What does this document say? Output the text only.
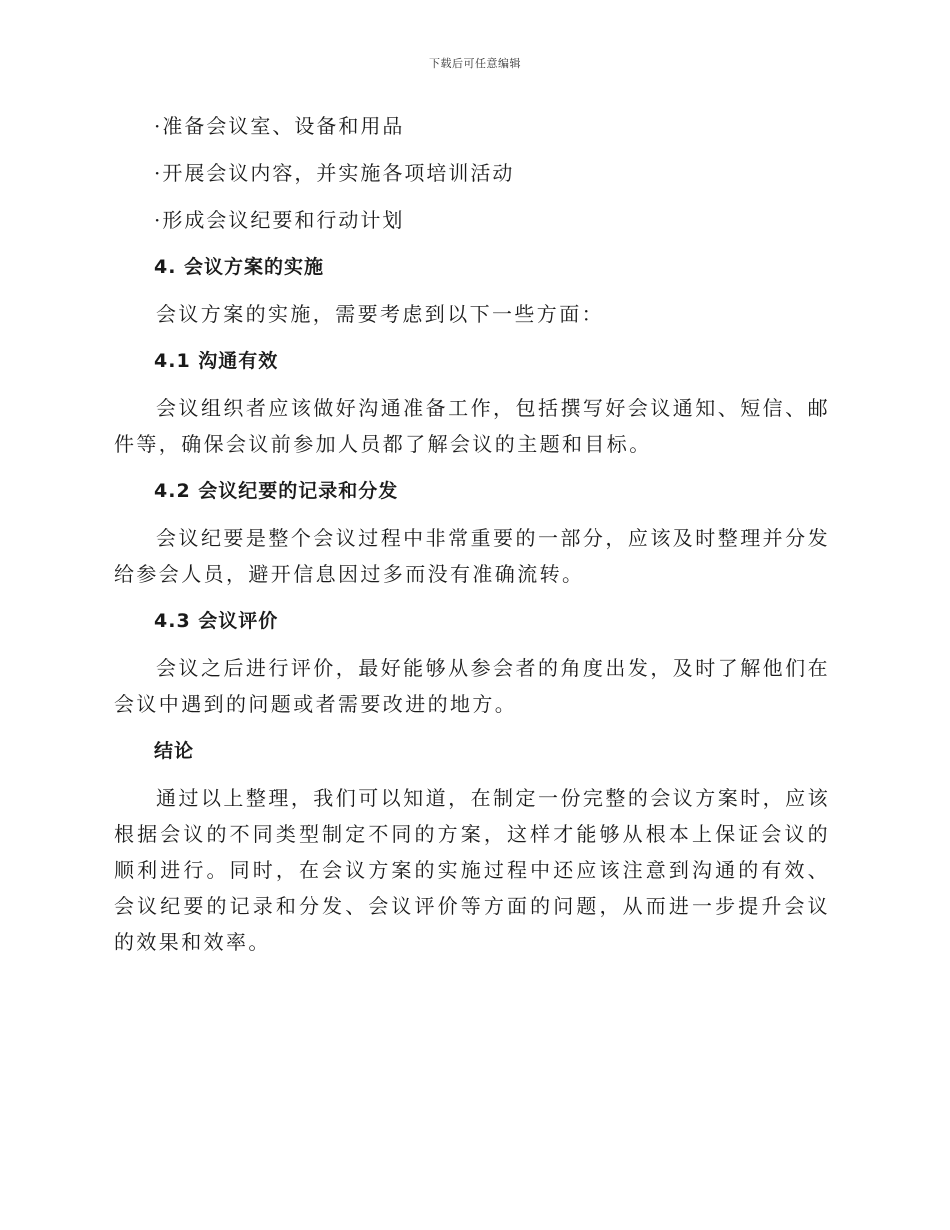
下载后可任意编辑
·准备会议室、设备和用品
·开展会议内容，并实施各项培训活动
·形成会议纪要和行动计划
4. 会议方案的实施
会议方案的实施，需要考虑到以下一些方面：
4.1 沟通有效
会议组织者应该做好沟通准备工作，包括撰写好会议通知、短信、邮件等，确保会议前参加人员都了解会议的主题和目标。
4.2 会议纪要的记录和分发
会议纪要是整个会议过程中非常重要的一部分，应该及时整理并分发给参会人员，避开信息因过多而没有准确流转。
4.3 会议评价
会议之后进行评价，最好能够从参会者的角度出发，及时了解他们在会议中遇到的问题或者需要改进的地方。
结论
通过以上整理，我们可以知道，在制定一份完整的会议方案时，应该根据会议的不同类型制定不同的方案，这样才能够从根本上保证会议的顺利进行。同时，在会议方案的实施过程中还应该注意到沟通的有效、会议纪要的记录和分发、会议评价等方面的问题，从而进一步提升会议的效果和效率。
